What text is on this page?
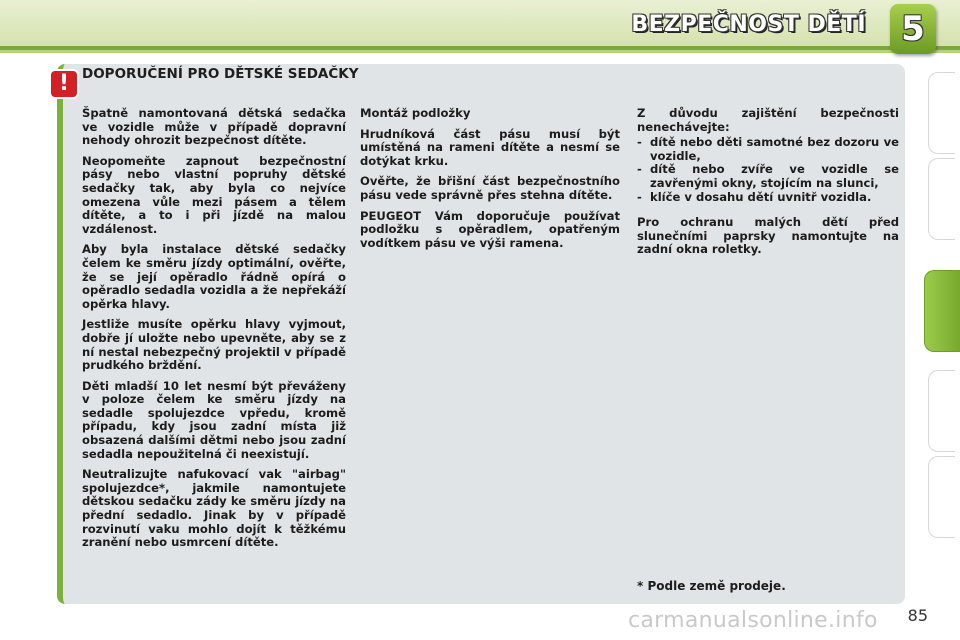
BEZPEČNOST DĚTÍ	5
! DOPORUČENÍ PRO DĚTSKÉ SEDAČKY

Špatně namontovaná dětská sedačka ve vozidle může v případě dopravní nehody ohrozit bezpečnost dítěte.

Neopomeňte zapnout bezpečnostní pásy nebo vlastní popruhy dětské sedačky tak, aby byla co nejvíce omezena vůle mezi pásem a tělem dítěte, a to i při jízdě na malou vzdálenost.

Aby byla instalace dětské sedačky čelem ke směru jízdy optimální, ověřte, že se její opěradlo řádně opírá o opěradlo sedadla vozidla a že nepřekáží opěrka hlavy.

Jestliže musíte opěrku hlavy vyjmout, dobře jí uložte nebo upevněte, aby se z ní nestal nebezpečný projektil v případě prudkého brždění.

Děti mladší 10 let nesmí být převáženy v poloze čelem ke směru jízdy na sedadle spolujezdce vpředu, kromě případu, kdy jsou zadní místa již obsazená dalšími dětmi nebo jsou zadní sedadla nepoužitelná či neexistují.

Neutralizujte nafukovací vak "airbag" spolujezdce*, jakmile namontujete dětskou sedačku zády ke směru jízdy na přední sedadlo. Jinak by v případě rozvinutí vaku mohlo dojít k těžkému zranění nebo usmrcení dítěte.

Montáž podložky

Hrudníková část pásu musí být umístěná na rameni dítěte a nesmí se dotýkat krku.

Ověřte, že břišní část bezpečnostního pásu vede správně přes stehna dítěte.

PEUGEOT Vám doporučuje používat podložku s opěradlem, opatřeným vodítkem pásu ve výši ramena.

Z důvodu zajištění bezpečnosti nenechávejte:

- dítě nebo děti samotné bez dozoru ve vozidle,
- dítě nebo zvíře ve vozidle se zavřenými okny, stojícím na slunci,
- klíče v dosahu dětí uvnitř vozidla.

Pro ochranu malých dětí před slunečními paprsky namontujte na zadní okna roletky.

* Podle země prodeje.
carmanualsonline.info 85
